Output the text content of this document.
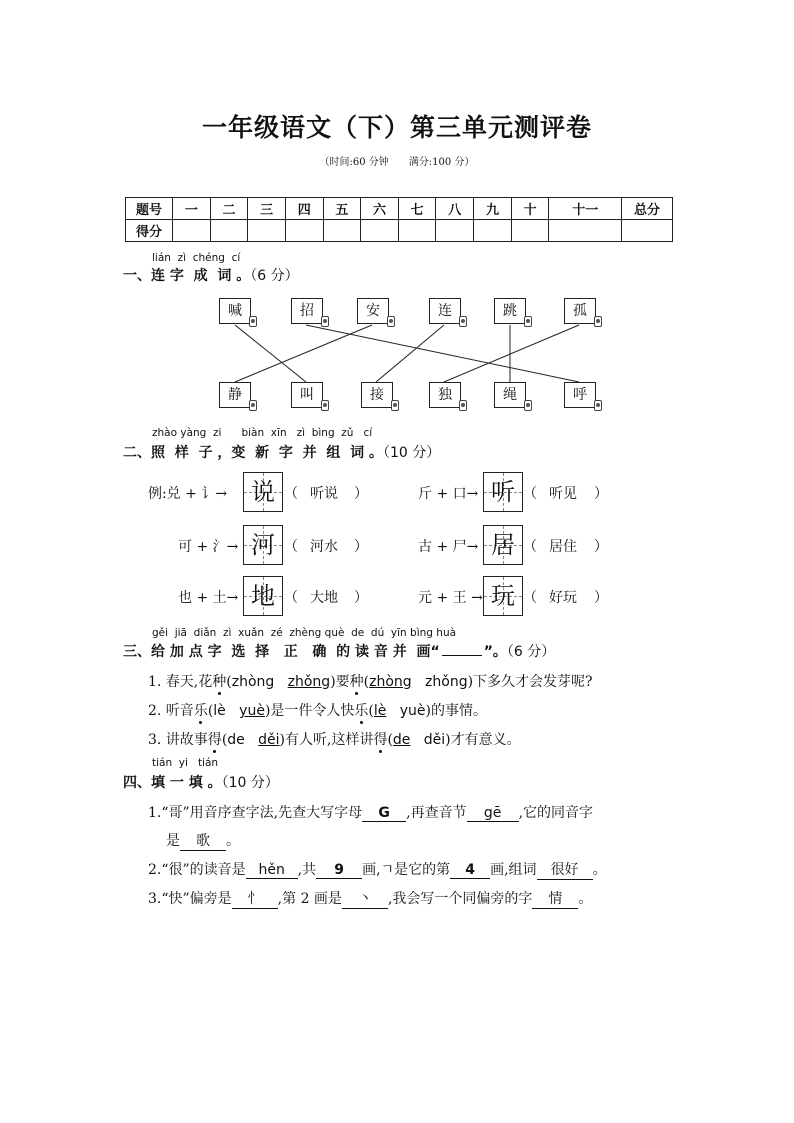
一年级语文（下）第三单元测评卷
（时间:60 分钟　　满分:100 分）
题号	一	二	三	四	五	六	七	八	九	十	十一	总分
得分												
lián  zì  chéng  cí
一、连 字  成  词 。（6 分）
喊	招	安	连	跳	孤
静	叫	接	独	绳	呼
zhào yàng  zi      biàn  xīn   zì  bìng  zǔ   cí
二、照  样  子 ，变  新  字  并  组  词 。（10 分）
例:兑 + 讠→ 说 （ 听说 ）	斤 + 口→ 听 （ 听见 ）
可 + 氵→ 河 （ 河水 ）	古 + 尸→ 居 （ 居住 ）
也 + 土→ 地 （ 大地 ）	元 + 王 → 玩 （ 好玩 ）
gěi  jiā  diǎn  zì  xuǎn  zé  zhèng què  de  dú  yīn bìng huà
三、给 加 点 字  选  择   正   确  的 读 音 并  画“	”。（6 分）
1. 春天,花种(zhòng zhǒng)要种(zhòng zhǒng)下多久才会发芽呢?
2. 听音乐(lè yuè)是一件令人快乐(lè yuè)的事情。
3. 讲故事得(de děi)有人听,这样讲得(de děi)才有意义。
tián  yi   tián
四、填 一 填 。（10 分）
1.“哥”用音序查字法,先查大写字母 G ,再查音节 gē ,它的同音字
是 歌 。
2.“很”的读音是 hěn ,共 9 画,ㄱ是它的第 4 画,组词 很好 。
3.“快”偏旁是 忄 ,第 2 画是 丶 ,我会写一个同偏旁的字 情 。
